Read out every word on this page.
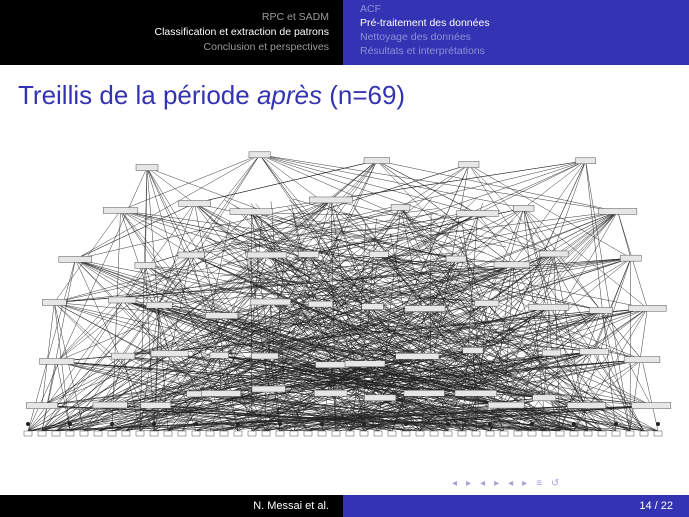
RPC et SADM
Classification et extraction de patrons
Conclusion et perspectives
ACF
Pré-traitement des données
Nettoyage des données
Résultats et interprétations
Treillis de la période après (n=69)
◂ ▸ ◂ ▸ ◂ ▸ ≡ ↺
N. Messai et al.	14 / 22
